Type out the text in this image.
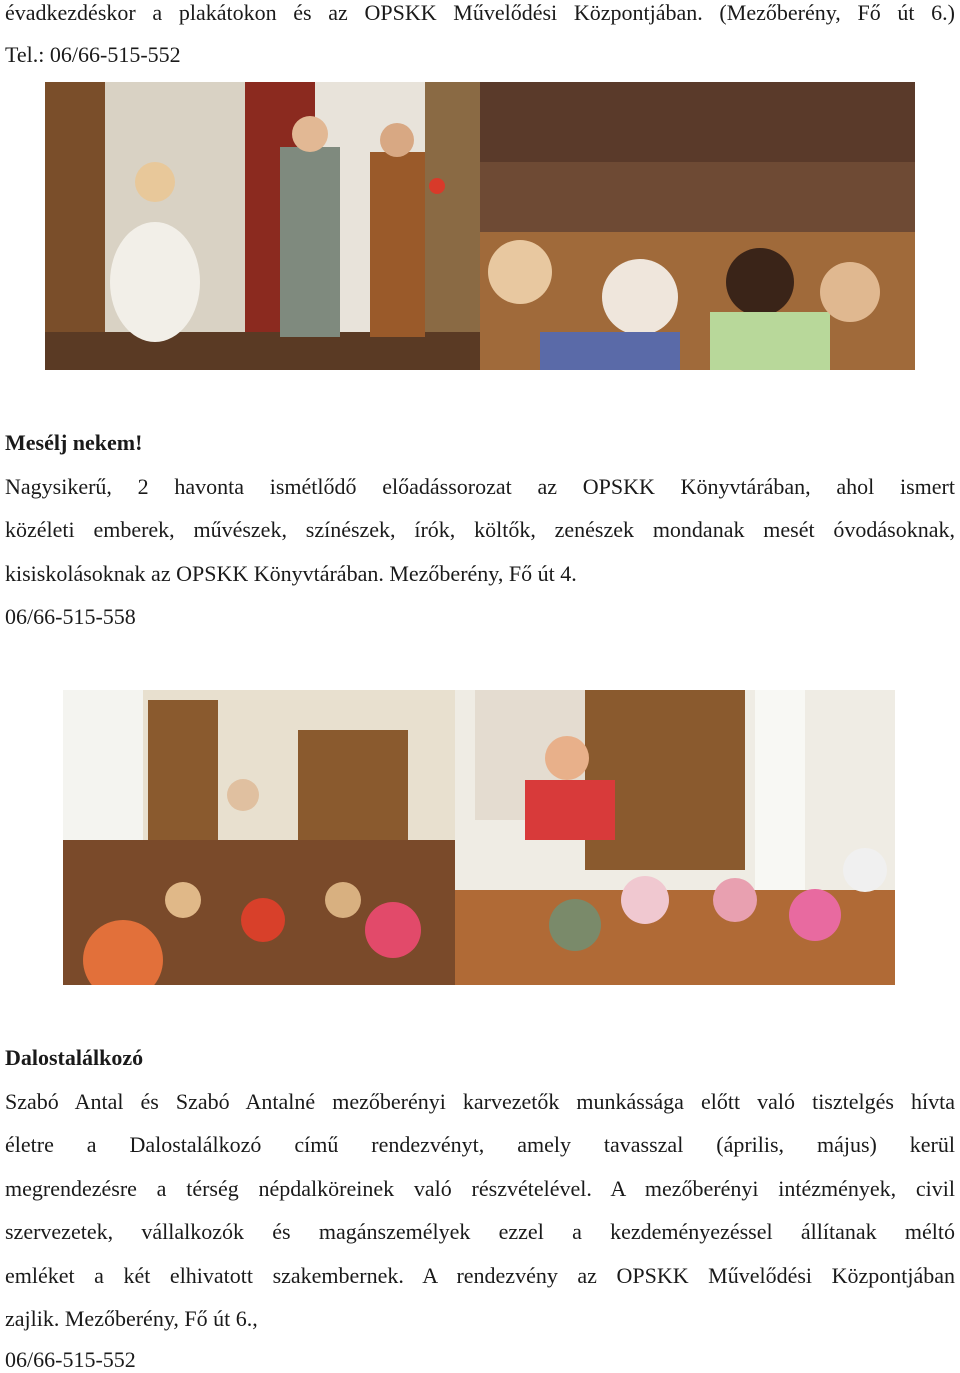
évadkezdéskor a plakátokon és az OPSKK Művelődési Központjában. (Mezőberény, Fő út 6.)
Tel.: 06/66-515-552
Mesélj nekem!
Nagysikerű, 2 havonta ismétlődő előadássorozat az OPSKK Könyvtárában, ahol ismert
közéleti emberek, művészek, színészek, írók, költők, zenészek mondanak mesét óvodásoknak,
kisiskolásoknak az OPSKK Könyvtárában. Mezőberény, Fő út 4.
06/66-515-558
Dalostalálkozó
Szabó Antal és Szabó Antalné mezőberényi karvezetők munkássága előtt való tisztelgés hívta
életre a Dalostalálkozó című rendezvényt, amely tavasszal (április, május) kerül
megrendezésre a térség népdalköreinek való részvételével. A mezőberényi intézmények, civil
szervezetek, vállalkozók és magánszemélyek ezzel a kezdeményezéssel állítanak méltó
emléket a két elhivatott szakembernek. A rendezvény az OPSKK Művelődési Központjában
zajlik. Mezőberény, Fő út 6.,
06/66-515-552
